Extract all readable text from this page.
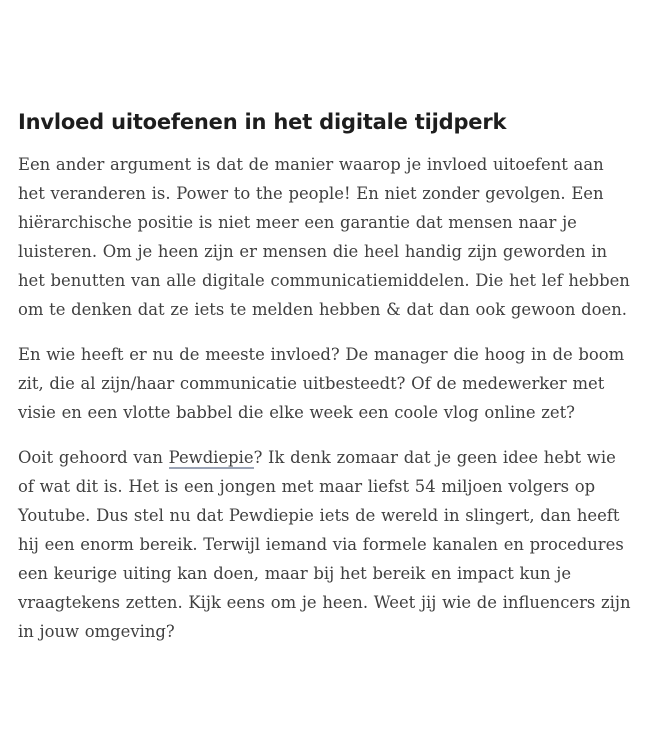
Invloed uitoefenen in het digitale tijdperk

Een ander argument is dat de manier waarop je invloed uitoefent aan het veranderen is. Power to the people! En niet zonder gevolgen. Een hiërarchische positie is niet meer een garantie dat mensen naar je luisteren. Om je heen zijn er mensen die heel handig zijn geworden in het benutten van alle digitale communicatiemiddelen. Die het lef hebben om te denken dat ze iets te melden hebben & dat dan ook gewoon doen.

En wie heeft er nu de meeste invloed? De manager die hoog in de boom zit, die al zijn/haar communicatie uitbesteedt? Of de medewerker met visie en een vlotte babbel die elke week een coole vlog online zet?

Ooit gehoord van Pewdiepie? Ik denk zomaar dat je geen idee hebt wie of wat dit is. Het is een jongen met maar liefst 54 miljoen volgers op Youtube. Dus stel nu dat Pewdiepie iets de wereld in slingert, dan heeft hij een enorm bereik. Terwijl iemand via formele kanalen en procedures een keurige uiting kan doen, maar bij het bereik en impact kun je vraagtekens zetten. Kijk eens om je heen. Weet jij wie de influencers zijn in jouw omgeving?
